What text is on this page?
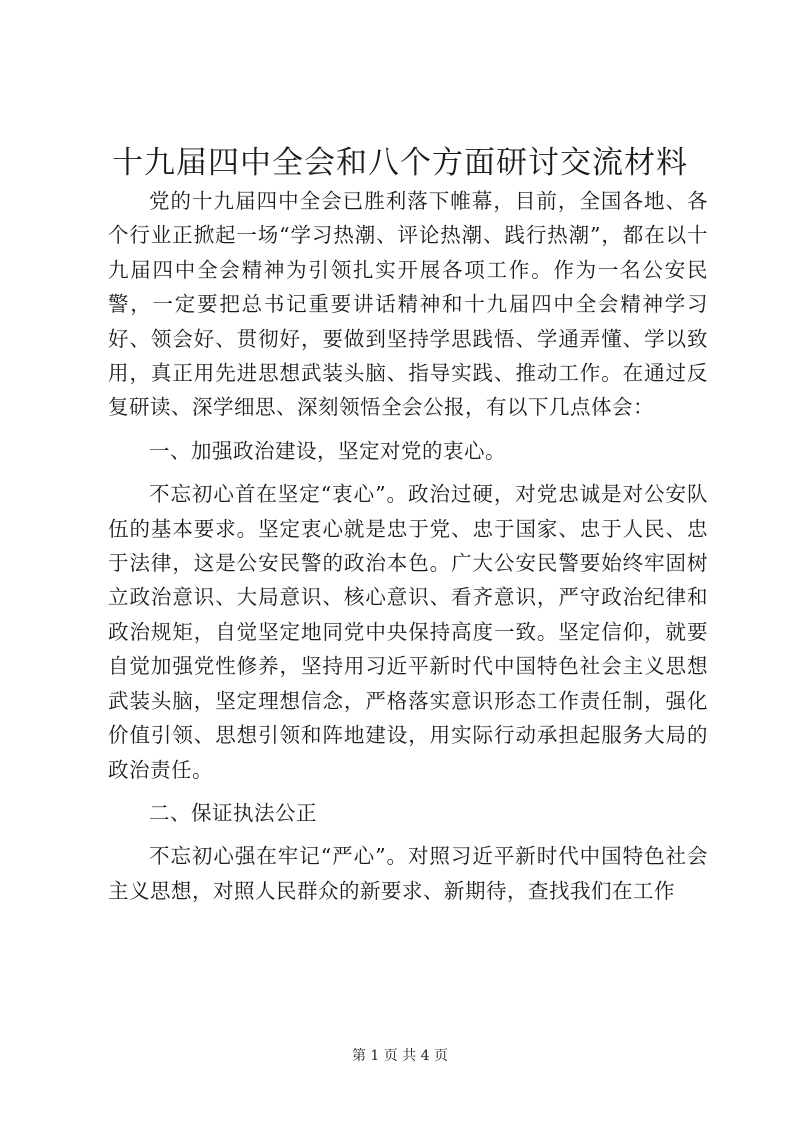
十九届四中全会和八个方面研讨交流材料

党的十九届四中全会已胜利落下帷幕，目前，全国各地、各个行业正掀起一场“学习热潮、评论热潮、践行热潮”，都在以十九届四中全会精神为引领扎实开展各项工作。作为一名公安民警，一定要把总书记重要讲话精神和十九届四中全会精神学习好、领会好、贯彻好，要做到坚持学思践悟、学通弄懂、学以致用，真正用先进思想武装头脑、指导实践、推动工作。在通过反复研读、深学细思、深刻领悟全会公报，有以下几点体会：

一、加强政治建设，坚定对党的衷心。

不忘初心首在坚定“衷心”。政治过硬，对党忠诚是对公安队伍的基本要求。坚定衷心就是忠于党、忠于国家、忠于人民、忠于法律，这是公安民警的政治本色。广大公安民警要始终牢固树立政治意识、大局意识、核心意识、看齐意识，严守政治纪律和政治规矩，自觉坚定地同党中央保持高度一致。坚定信仰，就要自觉加强党性修养，坚持用习近平新时代中国特色社会主义思想武装头脑，坚定理想信念，严格落实意识形态工作责任制，强化价值引领、思想引领和阵地建设，用实际行动承担起服务大局的政治责任。

二、保证执法公正

不忘初心强在牢记“严心”。对照习近平新时代中国特色社会主义思想，对照人民群众的新要求、新期待，查找我们在工作

第 1 页 共 4 页
